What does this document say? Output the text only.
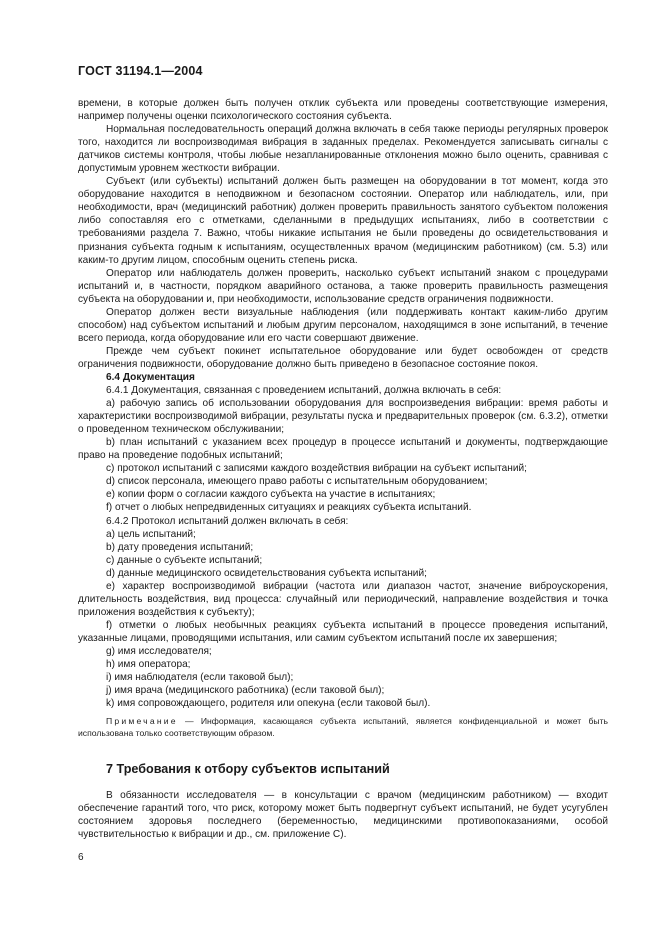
ГОСТ 31194.1—2004

времени, в которые должен быть получен отклик субъекта или проведены соответствующие измерения, например получены оценки психологического состояния субъекта.

Нормальная последовательность операций должна включать в себя также периоды регулярных проверок того, находится ли воспроизводимая вибрация в заданных пределах. Рекомендуется записывать сигналы с датчиков системы контроля, чтобы любые незапланированные отклонения можно было оценить, сравнивая с допустимым уровнем жесткости вибрации.

Субъект (или субъекты) испытаний должен быть размещен на оборудовании в тот момент, когда это оборудование находится в неподвижном и безопасном состоянии. Оператор или наблюдатель, или, при необходимости, врач (медицинский работник) должен проверить правильность занятого субъектом положения либо сопоставляя его с отметками, сделанными в предыдущих испытаниях, либо в соответствии с требованиями раздела 7. Важно, чтобы никакие испытания не были проведены до освидетельствования и признания субъекта годным к испытаниям, осуществленных врачом (медицинским работником) (см. 5.3) или каким-то другим лицом, способным оценить степень риска.

Оператор или наблюдатель должен проверить, насколько субъект испытаний знаком с процедурами испытаний и, в частности, порядком аварийного останова, а также проверить правильность размещения субъекта на оборудовании и, при необходимости, использование средств ограничения подвижности.

Оператор должен вести визуальные наблюдения (или поддерживать контакт каким-либо другим способом) над субъектом испытаний и любым другим персоналом, находящимся в зоне испытаний, в течение всего периода, когда оборудование или его части совершают движение.

Прежде чем субъект покинет испытательное оборудование или будет освобожден от средств ограничения подвижности, оборудование должно быть приведено в безопасное состояние покоя.

6.4 Документация

6.4.1 Документация, связанная с проведением испытаний, должна включать в себя:

a) рабочую запись об использовании оборудования для воспроизведения вибрации: время работы и характеристики воспроизводимой вибрации, результаты пуска и предварительных проверок (см. 6.3.2), отметки о проведенном техническом обслуживании;

b) план испытаний с указанием всех процедур в процессе испытаний и документы, подтверждающие право на проведение подобных испытаний;

c) протокол испытаний с записями каждого воздействия вибрации на субъект испытаний;

d) список персонала, имеющего право работы с испытательным оборудованием;

e) копии форм о согласии каждого субъекта на участие в испытаниях;

f) отчет о любых непредвиденных ситуациях и реакциях субъекта испытаний.

6.4.2 Протокол испытаний должен включать в себя:

a) цель испытаний;

b) дату проведения испытаний;

c) данные о субъекте испытаний;

d) данные медицинского освидетельствования субъекта испытаний;

e) характер воспроизводимой вибрации (частота или диапазон частот, значение виброускорения, длительность воздействия, вид процесса: случайный или периодический, направление воздействия и точка приложения воздействия к субъекту);

f) отметки о любых необычных реакциях субъекта испытаний в процессе проведения испытаний, указанные лицами, проводящими испытания, или самим субъектом испытаний после их завершения;

g) имя исследователя;

h) имя оператора;

i) имя наблюдателя (если таковой был);

j) имя врача (медицинского работника) (если таковой был);

k) имя сопровождающего, родителя или опекуна (если таковой был).

Примечание — Информация, касающаяся субъекта испытаний, является конфиденциальной и может быть использована только соответствующим образом.

7 Требования к отбору субъектов испытаний

В обязанности исследователя — в консультации с врачом (медицинским работником) — входит обеспечение гарантий того, что риск, которому может быть подвергнут субъект испытаний, не будет усугублен состоянием здоровья последнего (беременностью, медицинскими противопоказаниями, особой чувствительностью к вибрации и др., см. приложение С).

6
